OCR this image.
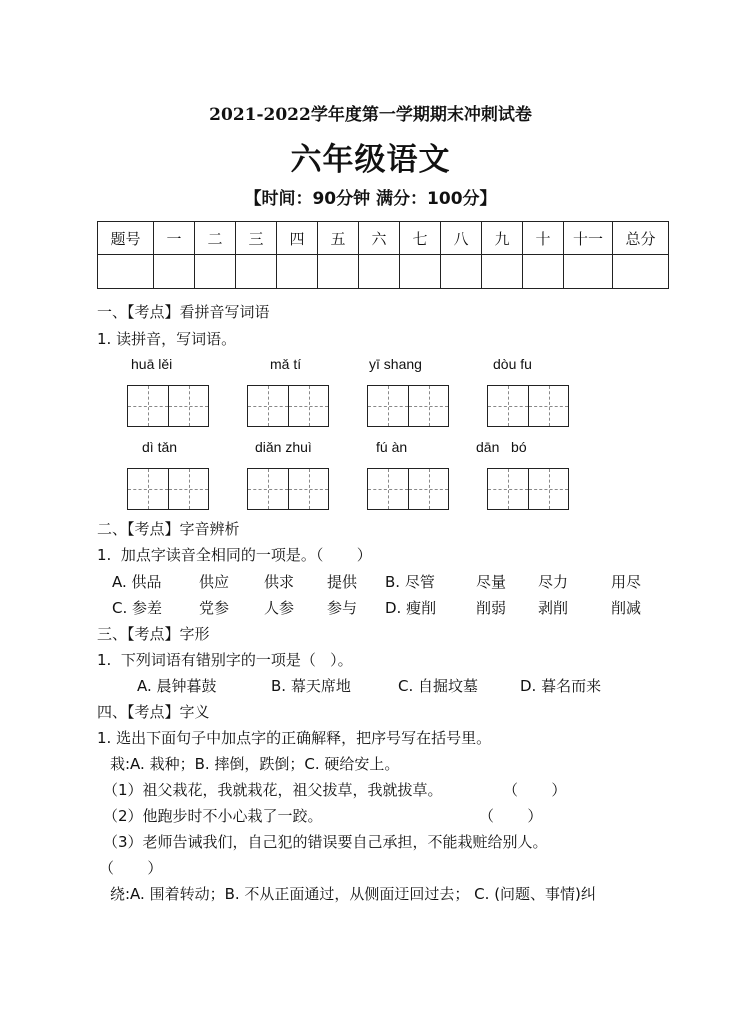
2021-2022学年度第一学期期末冲刺试卷
六年级语文
【时间：90分钟 满分：100分】
题号	一	二	三	四	五	六	七	八	九	十	十一	总分

一、【考点】看拼音写词语
1. 读拼音，写词语。
huā lěi	mǎ tí	yī shang	dòu fu
dì tǎn	diǎn zhuì	fú àn	dān   bó
二、【考点】字音辨析
1.  加点字读音全相同的一项是。（       ）
A. 供品 供应 供求 提供 B. 尽管	尽量 尽力	用尽
C. 参差 党参 人参 参与 D. 瘦削	削弱 剥削	削减
三、【考点】字形
1.  下列词语有错别字的一项是（   ）。
A. 晨钟暮鼓	B. 幕天席地	C. 自掘坟墓	D. 暮名而来
四、【考点】字义
1. 选出下面句子中加点字的正确解释，把序号写在括号里。
栽:A. 栽种；B. 摔倒，跌倒；C. 硬给安上。
（1）祖父栽花，我就栽花，祖父拔草，我就拔草。	（       ）
（2）他跑步时不小心栽了一跤。	（       ）
（3）老师告诫我们，自己犯的错误要自己承担，不能栽赃给别人。
（       ）
绕:A. 围着转动；B. 不从正面通过，从侧面迂回过去； C. (问题、事情)纠
